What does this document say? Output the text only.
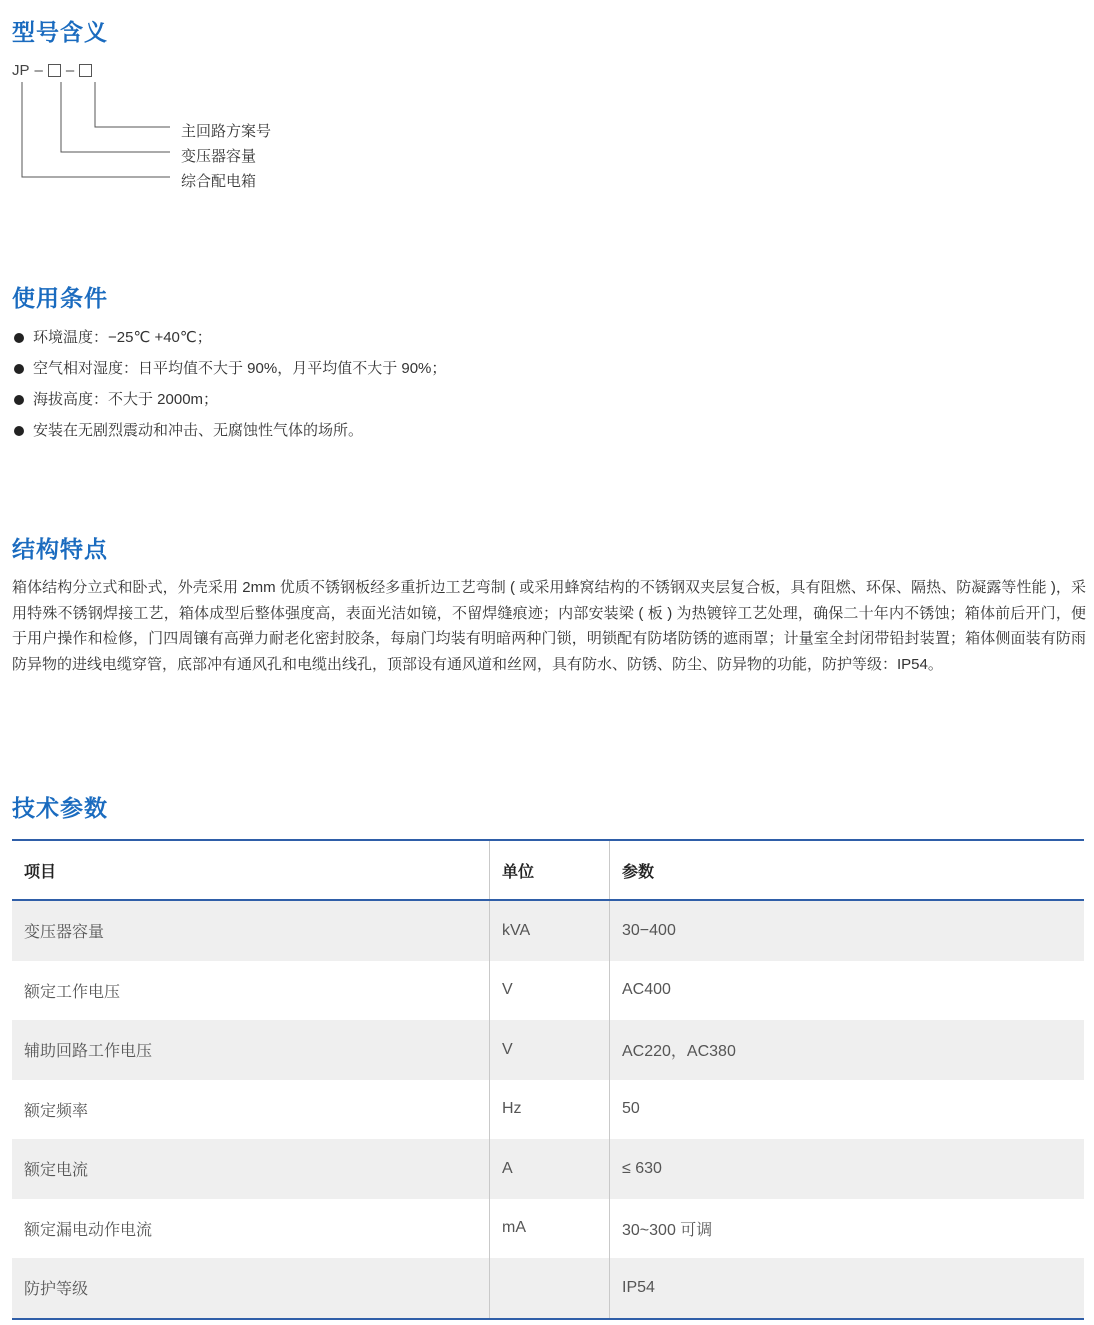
型号含义
JP – –
主回路方案号
变压器容量
综合配电箱
使用条件
环境温度：−25℃ +40℃；
空气相对湿度：日平均值不大于 90%，月平均值不大于 90%；
海拔高度：不大于 2000m；
安装在无剧烈震动和冲击、无腐蚀性气体的场所。
结构特点

箱体结构分立式和卧式，外壳采用 2mm 优质不锈钢板经多重折边工艺弯制 ( 或采用蜂窝结构的不锈钢双夹层复合板，具有阻燃、环保、隔热、防凝露等性能 )，采用特殊不锈钢焊接工艺，箱体成型后整体强度高，表面光洁如镜，不留焊缝痕迹；内部安装梁 ( 板 ) 为热镀锌工艺处理，确保二十年内不锈蚀；箱体前后开门，便于用户操作和检修，门四周镶有高弹力耐老化密封胶条，每扇门均装有明暗两种门锁，明锁配有防堵防锈的遮雨罩；计量室全封闭带铅封装置；箱体侧面装有防雨防异物的进线电缆穿管，底部冲有通风孔和电缆出线孔，顶部设有通风道和丝网，具有防水、防锈、防尘、防异物的功能，防护等级：IP54。

技术参数
项目	单位	参数
变压器容量	kVA	30−400
额定工作电压	V	AC400
辅助回路工作电压	V	AC220，AC380
额定频率	Hz	50
额定电流	A	≤ 630
额定漏电动作电流	mA	30~300 可调
防护等级		IP54
